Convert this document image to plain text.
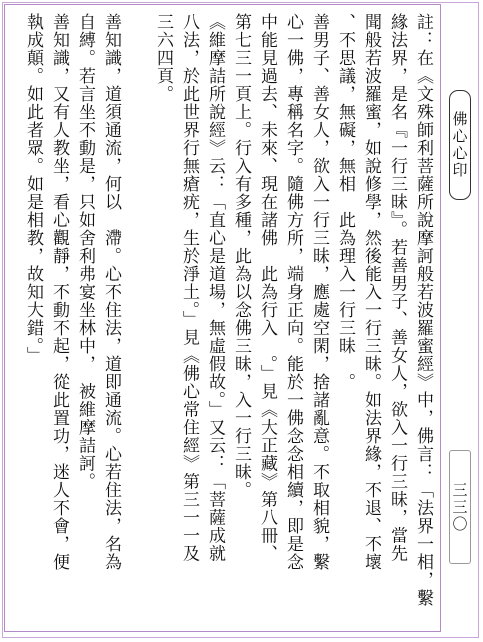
註：在《文殊師利菩薩所說摩訶般若波羅蜜經》中，佛言：「法界一相，繫
緣法界，是名『一行三昧』。若善男子、善女人，欲入一行三昧，當先
聞般若波羅蜜，如說修學，然後能入一行三昧。如法界緣，不退、不壞
、不思議，無礙，無相　此為理入一行三昧　。
善男子、善女人，欲入一行三昧，應處空閑，捨諸亂意。不取相貌，繫
心一佛，專稱名字。隨佛方所，端身正向。能於一佛念念相續，即是念
中能見過去、未來、現在諸佛　此為行入　。」見《大正藏》第八冊、
第七三一頁上。行入有多種，此為以念佛三昧，入一行三昧。
《維摩詰所說經》云：「直心是道場，無虛假故。」又云：「菩薩成就
八法，於此世界行無瘡疣，生於淨土。」見《佛心常住經》第三一一及
三六四頁。
善知識，道須通流，何以　滯。心不住法，道即通流。心若住法，名為
自縛。若言坐不動是，只如舍利弗宴坐林中，　被維摩詰訶。
善知識，又有人教坐，看心觀靜，不動不起，從此置功，迷人不會，便
執成顛。如此者眾。如是相教，故知大錯。」	佛心心印
三三〇
